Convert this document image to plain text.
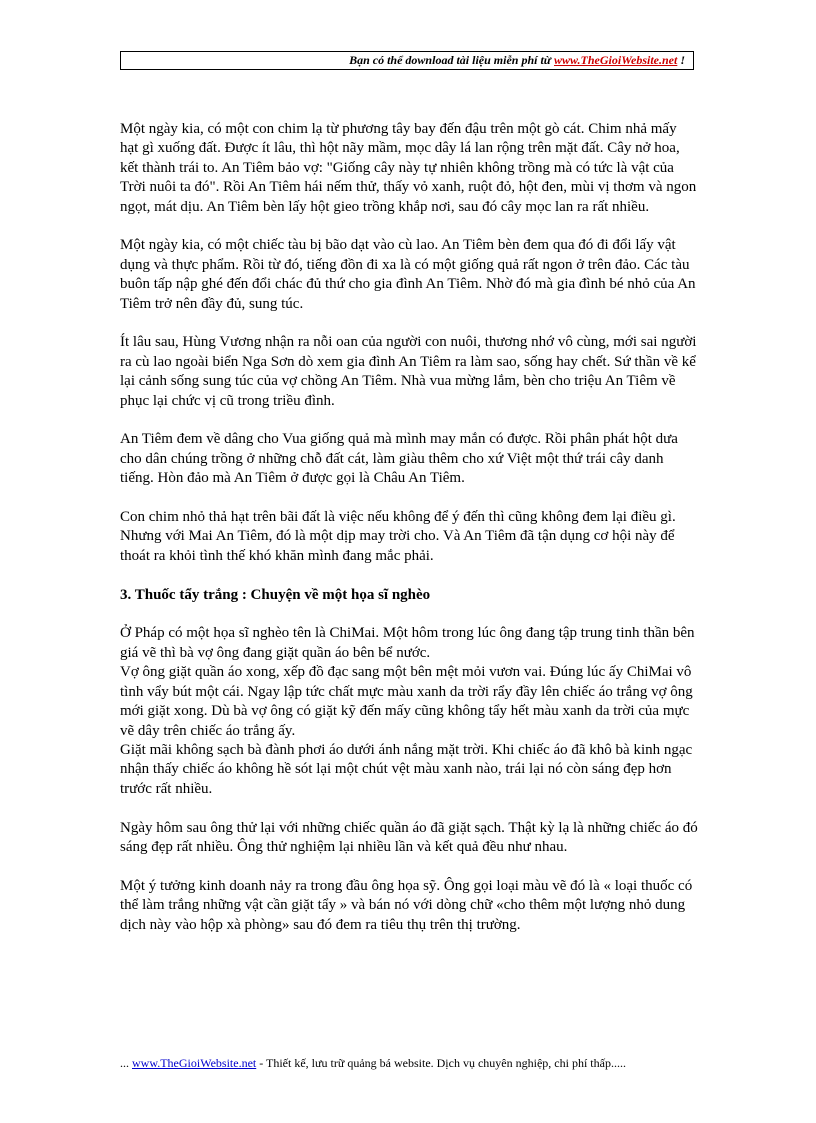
Bạn có thể download tài liệu miễn phí từ www.TheGioiWebsite.net !

Một ngày kia, có một con chim lạ từ phương tây bay đến đậu trên một gò cát. Chim nhả mấy hạt gì xuống đất. Được ít lâu, thì hột nãy mầm, mọc dây lá lan rộng trên mặt đất. Cây nở hoa, kết thành trái to. An Tiêm bảo vợ: "Giống cây này tự nhiên không trồng mà có tức là vật của Trời nuôi ta đó". Rồi An Tiêm hái nếm thử, thấy vỏ xanh, ruột đỏ, hột đen, mùi vị thơm và ngon ngọt, mát dịu. An Tiêm bèn lấy hột gieo trồng khắp nơi, sau đó cây mọc lan ra rất nhiều.

Một ngày kia, có một chiếc tàu bị bão dạt vào cù lao. An Tiêm bèn đem qua đó đi đổi lấy vật dụng và thực phẩm. Rồi từ đó, tiếng đồn đi xa là có một giống quả rất ngon ở trên đảo. Các tàu buôn tấp nập ghé đến đổi chác đủ thứ cho gia đình An Tiêm. Nhờ đó mà gia đình bé nhỏ của An Tiêm trở nên đầy đủ, sung túc.

Ít lâu sau, Hùng Vương nhận ra nỗi oan của người con nuôi, thương nhớ vô cùng, mới sai người ra cù lao ngoài biển Nga Sơn dò xem gia đình An Tiêm ra làm sao, sống hay chết. Sứ thần về kể lại cảnh sống sung túc của vợ chồng An Tiêm. Nhà vua mừng lắm, bèn cho triệu An Tiêm về phục lại chức vị cũ trong triều đình.

An Tiêm đem về dâng cho Vua giống quả mà mình may mắn có được. Rồi phân phát hột dưa cho dân chúng trồng ở những chỗ đất cát, làm giàu thêm cho xứ Việt một thứ trái cây danh tiếng. Hòn đảo mà An Tiêm ở được gọi là Châu An Tiêm.

Con chim nhỏ thả hạt trên bãi đất là việc nếu không để ý đến thì cũng không đem lại điều gì. Nhưng với Mai An Tiêm, đó là một dịp may trời cho. Và An Tiêm đã tận dụng cơ hội này để thoát ra khỏi tình thế khó khăn mình đang mắc phải.

3. Thuốc tẩy trắng : Chuyện về một họa sĩ nghèo

Ở Pháp có một họa sĩ nghèo tên là ChiMai. Một hôm trong lúc ông đang tập trung tinh thần bên giá vẽ thì bà vợ ông đang giặt quần áo bên bể nước.

Vợ ông giặt quần áo xong, xếp đồ đạc sang một bên mệt mỏi vươn vai. Đúng lúc ấy ChiMai vô tình vẩy bút một cái. Ngay lập tức chất mực màu xanh da trời rẩy đầy lên chiếc áo trắng vợ ông mới giặt xong. Dù bà vợ ông có giặt kỹ đến mấy cũng không tẩy hết màu xanh da trời của mực vẽ dây trên chiếc áo trắng ấy.

Giặt mãi không sạch bà đành phơi áo dưới ánh nắng mặt trời. Khi chiếc áo đã khô bà kinh ngạc nhận thấy chiếc áo không hề sót lại một chút vệt màu xanh nào, trái lại nó còn sáng đẹp hơn trước rất nhiều.

Ngày hôm sau ông thử lại với những chiếc quần áo đã giặt sạch. Thật kỳ lạ là những chiếc áo đó sáng đẹp rất nhiều. Ông thử nghiệm lại nhiều lần và kết quả đều như nhau.

Một ý tưởng kinh doanh nảy ra trong đầu ông họa sỹ. Ông gọi loại màu vẽ đó là « loại thuốc có thể làm trắng những vật cần giặt tẩy » và bán nó với dòng chữ «cho thêm một lượng nhỏ dung dịch này vào hộp xà phòng» sau đó đem ra tiêu thụ trên thị trường.

... www.TheGioiWebsite.net - Thiết kế, lưu trữ quảng bá website. Dịch vụ chuyên nghiệp, chi phí thấp.....
